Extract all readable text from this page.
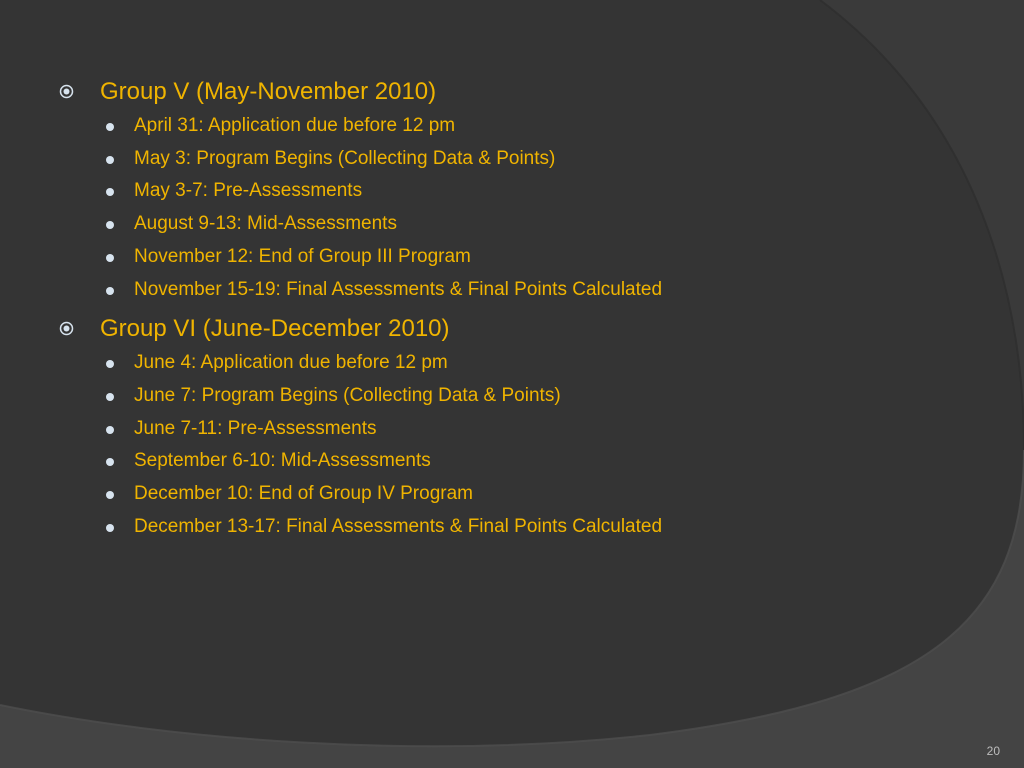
Group V (May-November 2010)
April 31: Application due before 12 pm
May 3: Program Begins (Collecting Data & Points)
May 3-7: Pre-Assessments
August 9-13: Mid-Assessments
November 12: End of Group III Program
November 15-19: Final Assessments & Final Points Calculated
Group VI (June-December 2010)
June 4: Application due before 12 pm
June 7: Program Begins (Collecting Data & Points)
June 7-11: Pre-Assessments
September 6-10: Mid-Assessments
December 10: End of Group IV Program
December 13-17: Final Assessments & Final Points Calculated
20
